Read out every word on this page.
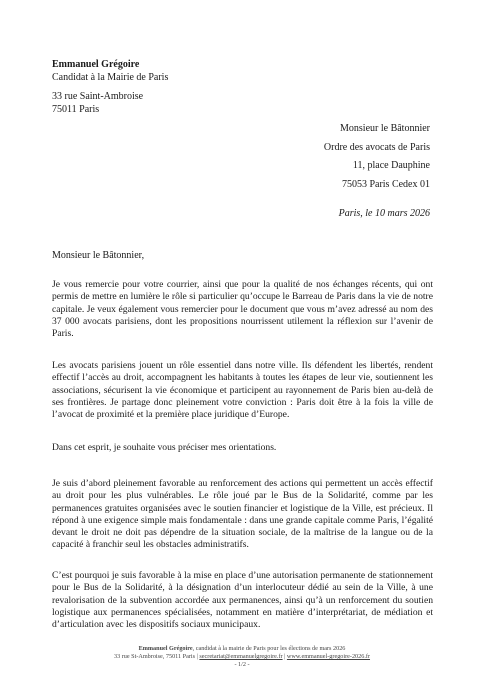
Emmanuel Grégoire
Candidat à la Mairie de Paris
33 rue Saint-Ambroise
75011 Paris
Monsieur le Bâtonnier
Ordre des avocats de Paris
11, place Dauphine
75053 Paris Cedex 01
Paris, le 10 mars 2026
Monsieur le Bâtonnier,

Je vous remercie pour votre courrier, ainsi que pour la qualité de nos échanges récents, qui ont permis de mettre en lumière le rôle si particulier qu’occupe le Barreau de Paris dans la vie de notre capitale. Je veux également vous remercier pour le document que vous m’avez adressé au nom des 37 000 avocats parisiens, dont les propositions nourrissent utilement la réflexion sur l’avenir de Paris.

Les avocats parisiens jouent un rôle essentiel dans notre ville. Ils défendent les libertés, rendent effectif l’accès au droit, accompagnent les habitants à toutes les étapes de leur vie, soutiennent les associations, sécurisent la vie économique et participent au rayonnement de Paris bien au-delà de ses frontières. Je partage donc pleinement votre conviction : Paris doit être à la fois la ville de l’avocat de proximité et la première place juridique d’Europe.

Dans cet esprit, je souhaite vous préciser mes orientations.

Je suis d’abord pleinement favorable au renforcement des actions qui permettent un accès effectif au droit pour les plus vulnérables. Le rôle joué par le Bus de la Solidarité, comme par les permanences gratuites organisées avec le soutien financier et logistique de la Ville, est précieux. Il répond à une exigence simple mais fondamentale : dans une grande capitale comme Paris, l’égalité devant le droit ne doit pas dépendre de la situation sociale, de la maîtrise de la langue ou de la capacité à franchir seul les obstacles administratifs.

C’est pourquoi je suis favorable à la mise en place d’une autorisation permanente de stationnement pour le Bus de la Solidarité, à la désignation d’un interlocuteur dédié au sein de la Ville, à une revalorisation de la subvention accordée aux permanences, ainsi qu’à un renforcement du soutien logistique aux permanences spécialisées, notamment en matière d’interprétariat, de médiation et d’articulation avec les dispositifs sociaux municipaux.

Emmanuel Grégoire, candidat à la mairie de Paris pour les élections de mars 2026
33 rue St-Ambroise, 75011 Paris | secretariat@emmanuelgregoire.fr | www.emmanuel-gregoire-2026.fr
- 1/2 -
